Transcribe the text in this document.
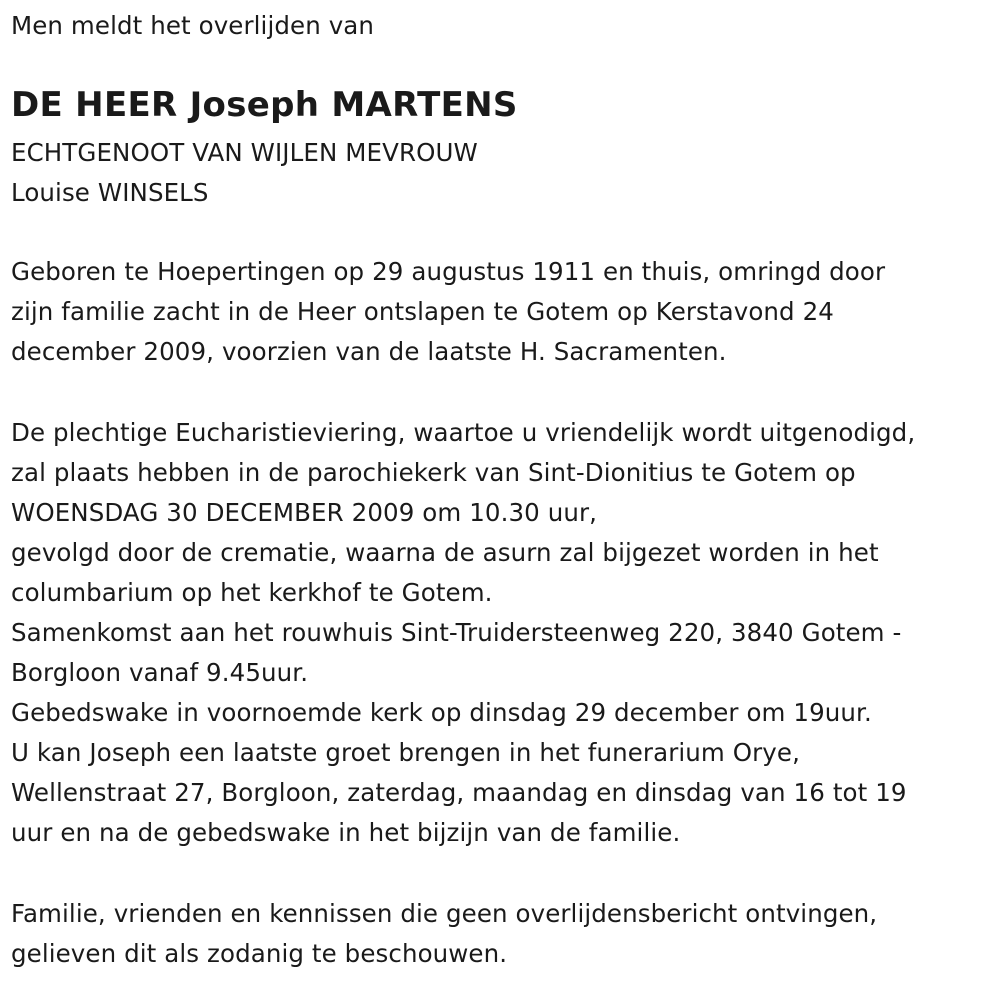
Men meldt het overlijden van
DE HEER Joseph MARTENS
ECHTGENOOT VAN WIJLEN MEVROUW
Louise WINSELS
Geboren te Hoepertingen op 29 augustus 1911 en thuis, omringd door
zijn familie zacht in de Heer ontslapen te Gotem op Kerstavond 24
december 2009, voorzien van de laatste H. Sacramenten.
De plechtige Eucharistieviering, waartoe u vriendelijk wordt uitgenodigd,
zal plaats hebben in de parochiekerk van Sint-Dionitius te Gotem op
WOENSDAG 30 DECEMBER 2009 om 10.30 uur,
gevolgd door de crematie, waarna de asurn zal bijgezet worden in het
columbarium op het kerkhof te Gotem.
Samenkomst aan het rouwhuis Sint-Truidersteenweg 220, 3840 Gotem -
Borgloon vanaf 9.45uur.
Gebedswake in voornoemde kerk op dinsdag 29 december om 19uur.
U kan Joseph een laatste groet brengen in het funerarium Orye,
Wellenstraat 27, Borgloon, zaterdag, maandag en dinsdag van 16 tot 19
uur en na de gebedswake in het bijzijn van de familie.
Familie, vrienden en kennissen die geen overlijdensbericht ontvingen,
gelieven dit als zodanig te beschouwen.
